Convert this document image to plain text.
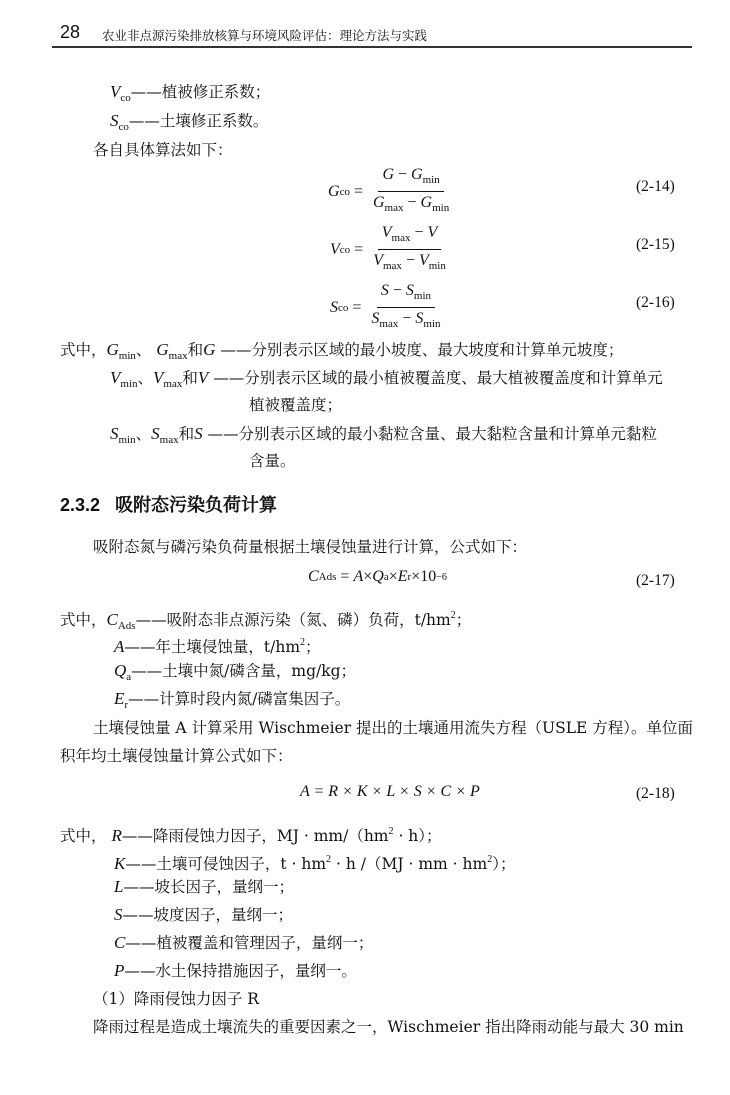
28 农业非点源污染排放核算与环境风险评估：理论方法与实践
$V_{co}——$植被修正系数；
$S_{co}——$土壤修正系数。
各自具体算法如下：
G co = $\frac{G - G_{min}}{G_{max} - G_{min}}$	(2-14)
V co = $\frac{V_{max} - V}{V_{max} - V_{min}}$	(2-15)
S co = $\frac{S - S_{min}}{S_{max} - S_{min}}$	(2-16)
式中，$G_{min}$、 $G_{max}$和G ——分别表示区域的最小坡度、最大坡度和计算单元坡度；
$V_{min}$、$V_{max}$和V ——分别表示区域的最小植被覆盖度、最大植被覆盖度和计算单元
植被覆盖度；
$S_{min}$、$S_{max}$和S ——分别表示区域的最小黏粒含量、最大黏粒含量和计算单元黏粒
含量。
2.3.2 吸附态污染负荷计算
吸附态氮与磷污染负荷量根据土壤侵蚀量进行计算，公式如下：
C Ads
=
A × Q a × E r × 10 −6	(2-17)
式中，$C_{Ads}——$吸附态非点源污染（氮、磷）负荷，$t/hm^2$；
A——年土壤侵蚀量，$t/hm^2$；
$Q_a——$土壤中氮/磷含量，mg/kg；
$E_r——$计算时段内氮/磷富集因子。
土壤侵蚀量 A 计算采用 Wischmeier 提出的土壤通用流失方程（USLE 方程）。单位面
积年均土壤侵蚀量计算公式如下：
A = R × K × L × S × C × P	(2-18)
式中， R——降雨侵蚀力因子，MJ · $mm/(hm^2 \cdot h)$；
K——土壤可侵蚀因子，$t \cdot hm^2 \cdot h$ /（MJ · mm · $hm^2$）；
L——坡长因子，量纲一；
S——坡度因子，量纲一；
C——植被覆盖和管理因子，量纲一；
P——水土保持措施因子，量纲一。
（1）降雨侵蚀力因子 R
降雨过程是造成土壤流失的重要因素之一，Wischmeier 指出降雨动能与最大 30 min
